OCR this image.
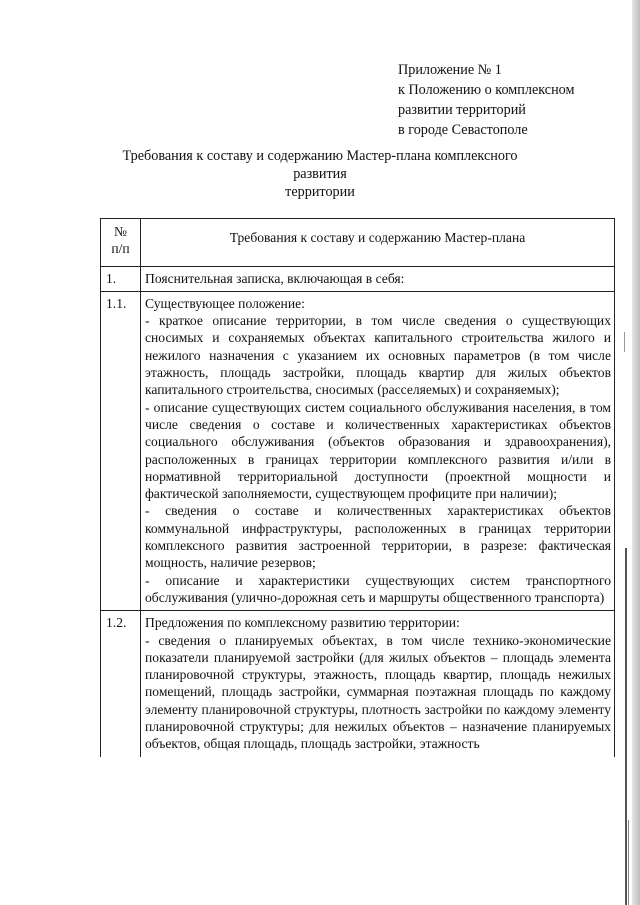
Приложение № 1
к Положению о комплексном
развитии территорий
в городе Севастополе
Требования к составу и содержанию Мастер-плана комплексного развития
территории
№
п/п	Требования к составу и содержанию Мастер-плана
1.	Пояснительная записка, включающая в себя:

1.1.	Существующее положение:
- краткое описание территории, в том числе сведения о существующих сносимых и сохраняемых объектах капитального строительства жилого и нежилого назначения с указанием их основных параметров (в том числе этажность, площадь застройки, площадь квартир для жилых объектов капитального строительства, сносимых (расселяемых) и сохраняемых);
- описание существующих систем социального обслуживания населения, в том числе сведения о составе и количественных характеристиках объектов социального обслуживания (объектов образования и здравоохранения), расположенных в границах территории комплексного развития и/или в нормативной территориальной доступности (проектной мощности и фактической заполняемости, существующем профиците при наличии);
- сведения о составе и количественных характеристиках объектов коммунальной инфраструктуры, расположенных в границах территории комплексного развития застроенной территории, в разрезе: фактическая мощность, наличие резервов;
- описание и характеристики существующих систем транспортного обслуживания (улично-дорожная сеть и маршруты общественного транспорта)

1.2.	Предложения по комплексному развитию территории:
- сведения о планируемых объектах, в том числе технико-экономические показатели планируемой застройки (для жилых объектов – площадь элемента планировочной структуры, этажность, площадь квартир, площадь нежилых помещений, площадь застройки, суммарная поэтажная площадь по каждому элементу планировочной структуры, плотность застройки по каждому элементу планировочной структуры; для нежилых объектов – назначение планируемых объектов, общая площадь, площадь застройки, этажность
